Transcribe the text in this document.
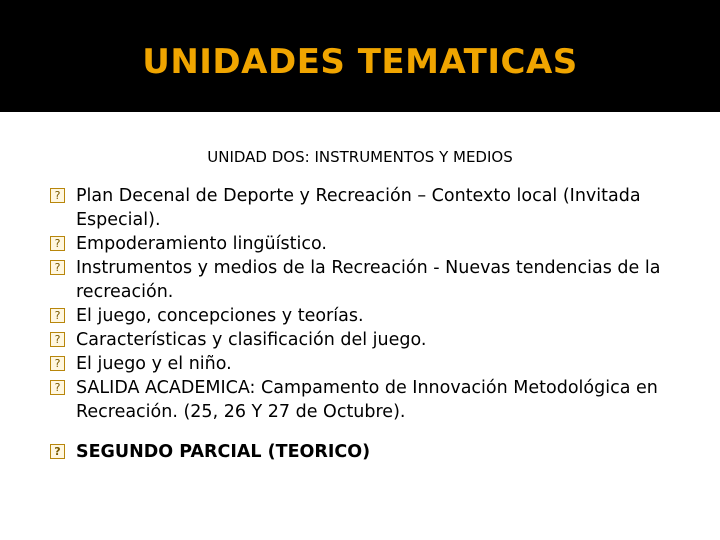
UNIDADES TEMATICAS
UNIDAD DOS: INSTRUMENTOS Y MEDIOS
? Plan Decenal de Deporte y Recreación – Contexto local (Invitada Especial).
? Empoderamiento lingüístico.
? Instrumentos y medios de la Recreación - Nuevas tendencias de la recreación.
? El juego, concepciones y teorías.
? Características y clasificación del juego.
? El juego y el niño.
? SALIDA ACADEMICA: Campamento de Innovación Metodológica en Recreación. (25, 26 Y 27 de Octubre).
? SEGUNDO PARCIAL (TEORICO)
